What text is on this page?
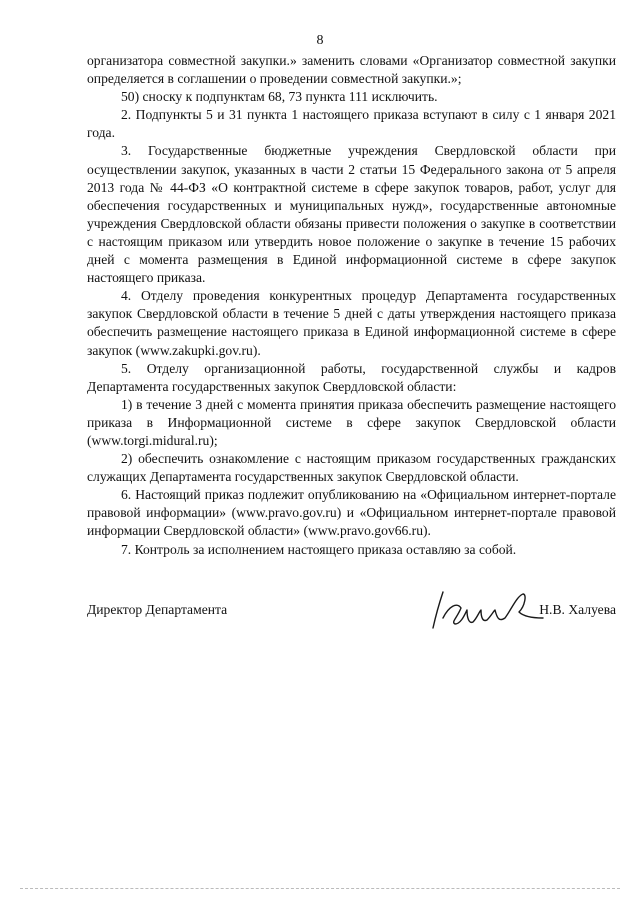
8

организатора совместной закупки.» заменить словами «Организатор совместной закупки определяется в соглашении о проведении совместной закупки.»;

50) сноску к подпунктам 68, 73 пункта 111 исключить.

2. Подпункты 5 и 31 пункта 1 настоящего приказа вступают в силу с 1 января 2021 года.

3. Государственные бюджетные учреждения Свердловской области при осуществлении закупок, указанных в части 2 статьи 15 Федерального закона от 5 апреля 2013 года № 44-ФЗ «О контрактной системе в сфере закупок товаров, работ, услуг для обеспечения государственных и муниципальных нужд», государственные автономные учреждения Свердловской области обязаны привести положения о закупке в соответствии с настоящим приказом или утвердить новое положение о закупке в течение 15 рабочих дней с момента размещения в Единой информационной системе в сфере закупок настоящего приказа.

4. Отделу проведения конкурентных процедур Департамента государственных закупок Свердловской области в течение 5 дней с даты утверждения настоящего приказа обеспечить размещение настоящего приказа в Единой информационной системе в сфере закупок (www.zakupki.gov.ru).

5. Отделу организационной работы, государственной службы и кадров Департамента государственных закупок Свердловской области:

1) в течение 3 дней с момента принятия приказа обеспечить размещение настоящего приказа в Информационной системе в сфере закупок Свердловской области (www.torgi.midural.ru);

2) обеспечить ознакомление с настоящим приказом государственных гражданских служащих Департамента государственных закупок Свердловской области.

6. Настоящий приказ подлежит опубликованию на «Официальном интернет-портале правовой информации» (www.pravo.gov.ru) и «Официальном интернет-портале правовой информации Свердловской области» (www.pravo.gov66.ru).

7. Контроль за исполнением настоящего приказа оставляю за собой.

Директор Департамента	Н.В. Халуева
